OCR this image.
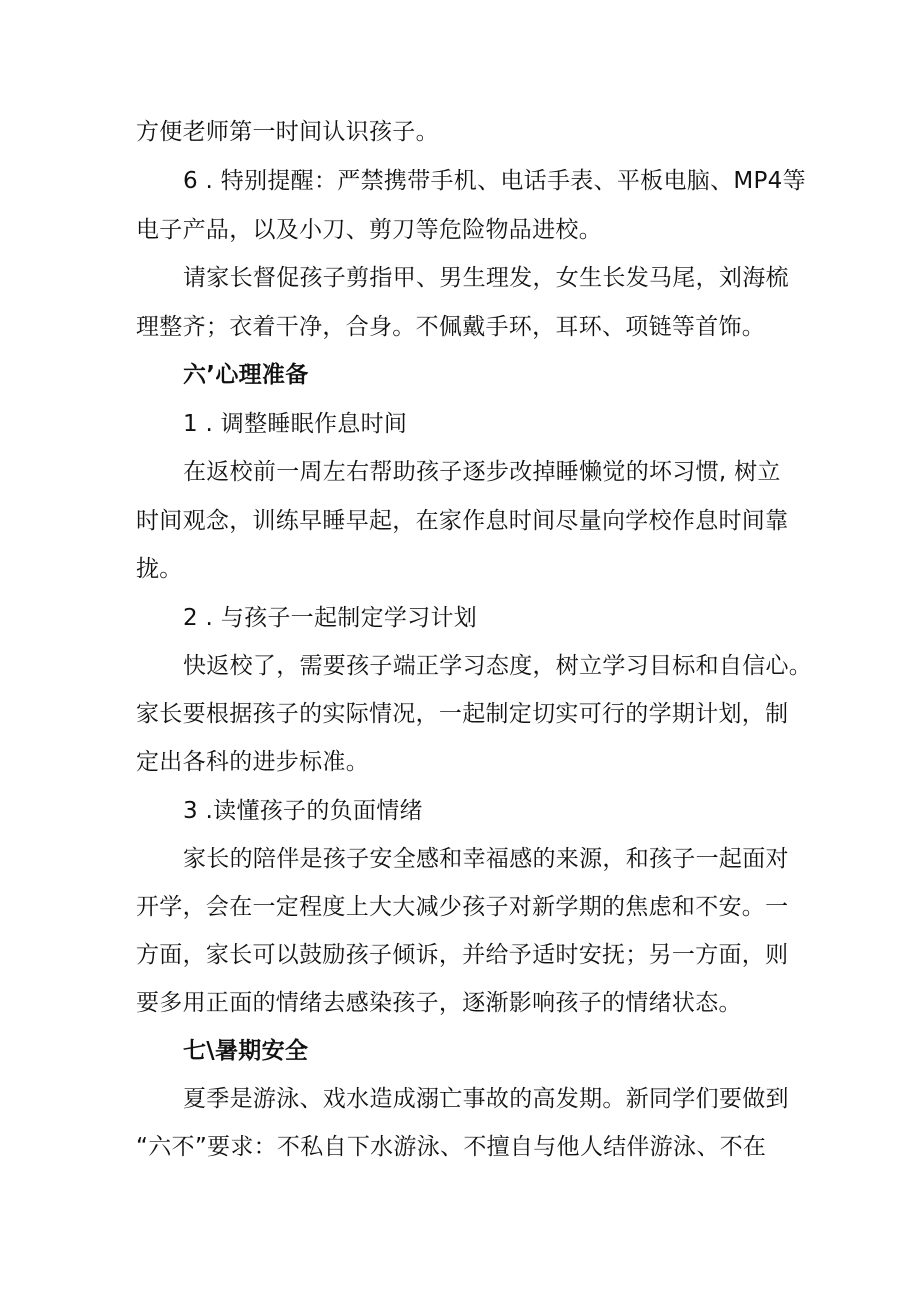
方便老师第一时间认识孩子。
6 . 特别提醒：严禁携带手机、电话手表、平板电脑、MP4等
电子产品，以及小刀、剪刀等危险物品进校。
请家长督促孩子剪指甲、男生理发，女生长发马尾，刘海梳
理整齐；衣着干净，合身。不佩戴手环，耳环、项链等首饰。
六’心理准备
1 . 调整睡眠作息时间
在返校前一周左右帮助孩子逐步改掉睡懒觉的坏习惯, 树立
时间观念，训练早睡早起，在家作息时间尽量向学校作息时间靠
拢。
2 . 与孩子一起制定学习计划
快返校了，需要孩子端正学习态度，树立学习目标和自信心。
家长要根据孩子的实际情况，一起制定切实可行的学期计划，制
定出各科的进步标准。
3 .读懂孩子的负面情绪
家长的陪伴是孩子安全感和幸福感的来源，和孩子一起面对
开学，会在一定程度上大大减少孩子对新学期的焦虑和不安。一
方面，家长可以鼓励孩子倾诉，并给予适时安抚；另一方面，则
要多用正面的情绪去感染孩子，逐渐影响孩子的情绪状态。
七\暑期安全
夏季是游泳、戏水造成溺亡事故的高发期。新同学们要做到
“六不”要求：不私自下水游泳、不擅自与他人结伴游泳、不在
